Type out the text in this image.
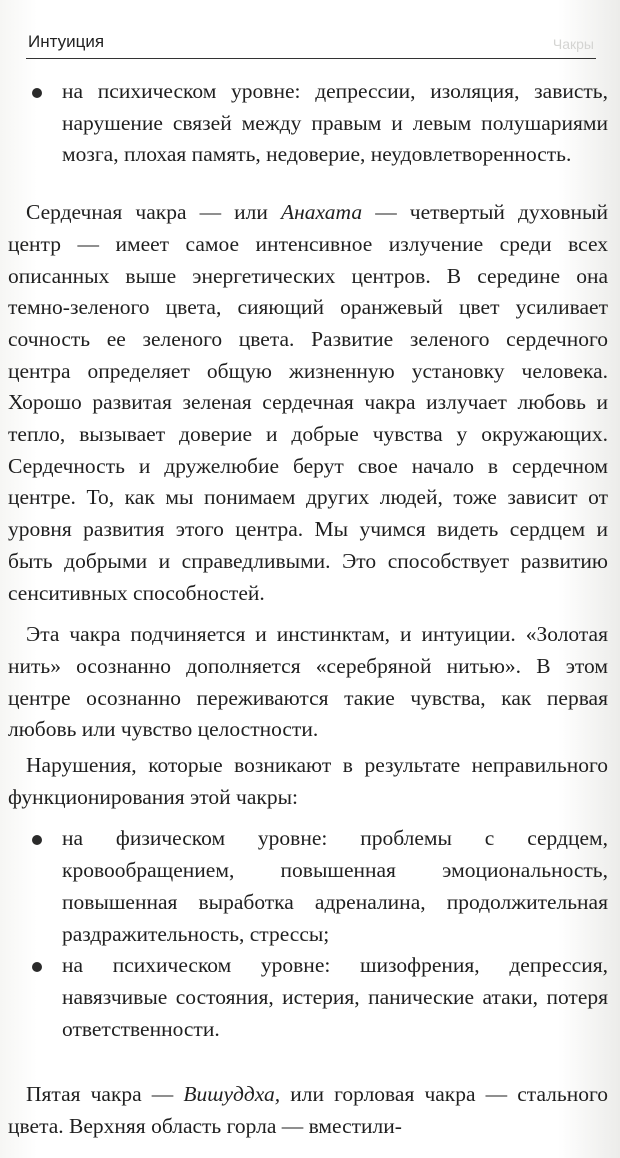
Интуиция	Чакры
на психическом уровне: депрессии, изоляция, зависть, нарушение связей между правым и левым полушариями мозга, плохая память, недоверие, неудовлетворенность.

Сердечная чакра — или Анахата — четвертый духовный центр — имеет самое интенсивное излучение среди всех описанных выше энергетических центров. В середине она темно-зеленого цвета, сияющий оранжевый цвет усиливает сочность ее зеленого цвета. Развитие зеленого сердечного центра определяет общую жизненную установку человека. Хорошо развитая зеленая сердечная чакра излучает любовь и тепло, вызывает доверие и добрые чувства у окружающих. Сердечность и дружелюбие берут свое начало в сердечном центре. То, как мы понимаем других людей, тоже зависит от уровня развития этого центра. Мы учимся видеть сердцем и быть добрыми и справедливыми. Это способствует развитию сенситивных способностей.

Эта чакра подчиняется и инстинктам, и интуиции. «Золотая нить» осознанно дополняется «серебряной нитью». В этом центре осознанно переживаются такие чувства, как первая любовь или чувство целостности.

Нарушения, которые возникают в результате неправильного функционирования этой чакры:

на физическом уровне: проблемы с сердцем, кровообращением, повышенная эмоциональность, повышенная выработка адреналина, продолжительная раздражительность, стрессы;
на психическом уровне: шизофрения, депрессия, навязчивые состояния, истерия, панические атаки, потеря ответственности.

Пятая чакра — Вишуддха, или горловая чакра — стального цвета. Верхняя область горла — вместили-
